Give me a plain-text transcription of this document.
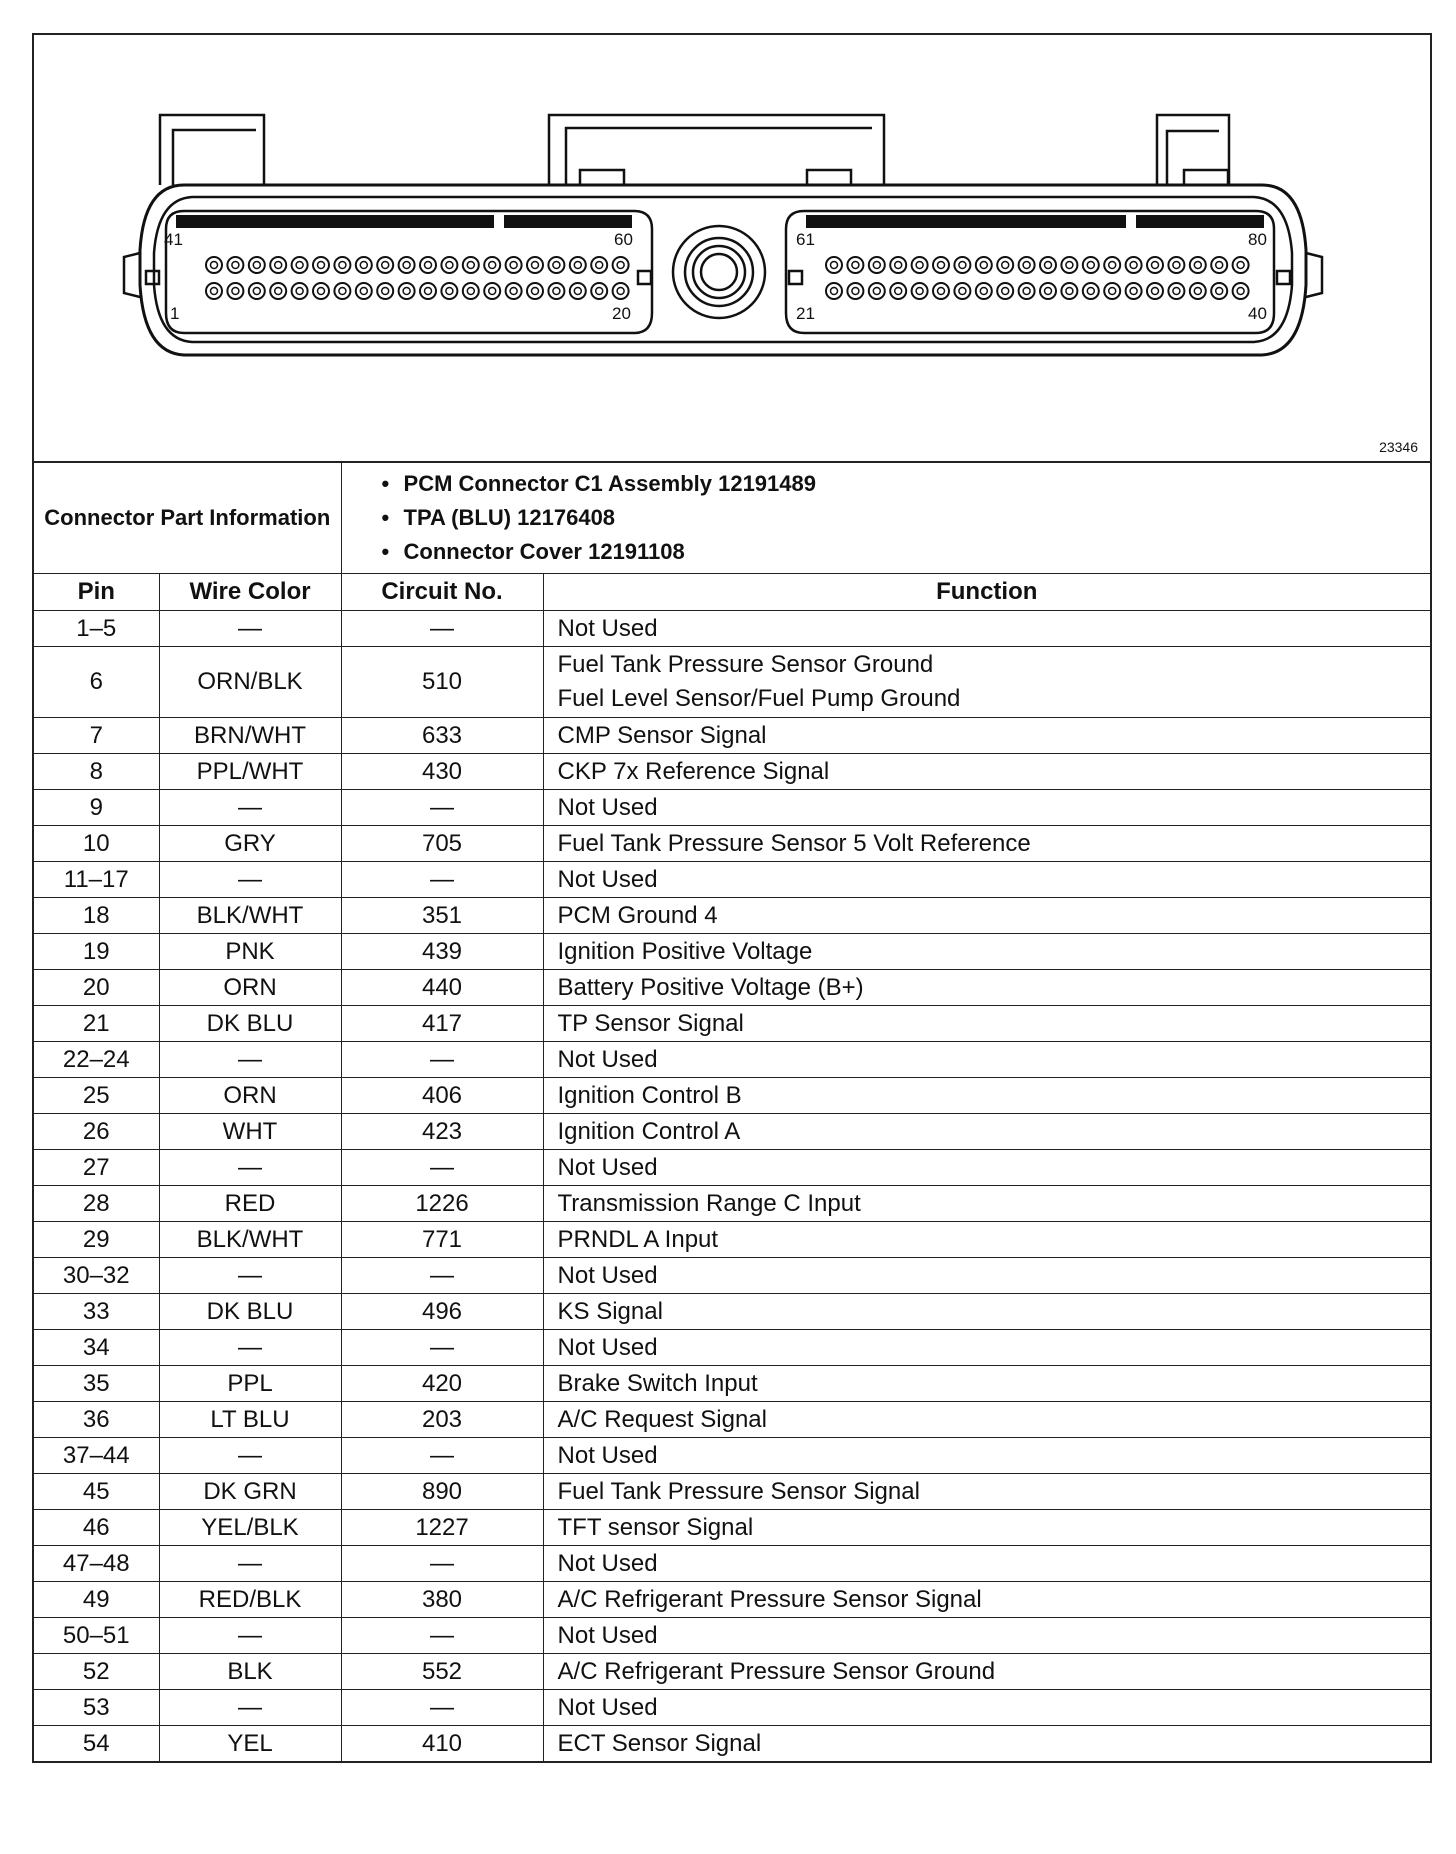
41	60
1	20
61	80
21	40
23346
Connector Part Information		• PCM Connector C1 Assembly 12191489
• TPA (BLU) 12176408
• Connector Cover 12191108	

Pin	Wire Color	Circuit No.	Function
1–5	—	—	Not Used

6	ORN/BLK	510	Fuel Tank Pressure Sensor Ground
Fuel Level Sensor/Fuel Pump Ground

7	BRN/WHT	633	CMP Sensor Signal

8	PPL/WHT	430	CKP 7x Reference Signal

9	—	—	Not Used

10	GRY	705	Fuel Tank Pressure Sensor 5 Volt Reference

11–17	—	—	Not Used

18	BLK/WHT	351	PCM Ground 4

19	PNK	439	Ignition Positive Voltage

20	ORN	440	Battery Positive Voltage (B+)

21	DK BLU	417	TP Sensor Signal

22–24	—	—	Not Used

25	ORN	406	Ignition Control B

26	WHT	423	Ignition Control A

27	—	—	Not Used

28	RED	1226	Transmission Range C Input

29	BLK/WHT	771	PRNDL A Input

30–32	—	—	Not Used

33	DK BLU	496	KS Signal

34	—	—	Not Used

35	PPL	420	Brake Switch Input

36	LT BLU	203	A/C Request Signal

37–44	—	—	Not Used

45	DK GRN	890	Fuel Tank Pressure Sensor Signal

46	YEL/BLK	1227	TFT sensor Signal

47–48	—	—	Not Used

49	RED/BLK	380	A/C Refrigerant Pressure Sensor Signal

50–51	—	—	Not Used

52	BLK	552	A/C Refrigerant Pressure Sensor Ground

53	—	—	Not Used

54	YEL	410	ECT Sensor Signal
